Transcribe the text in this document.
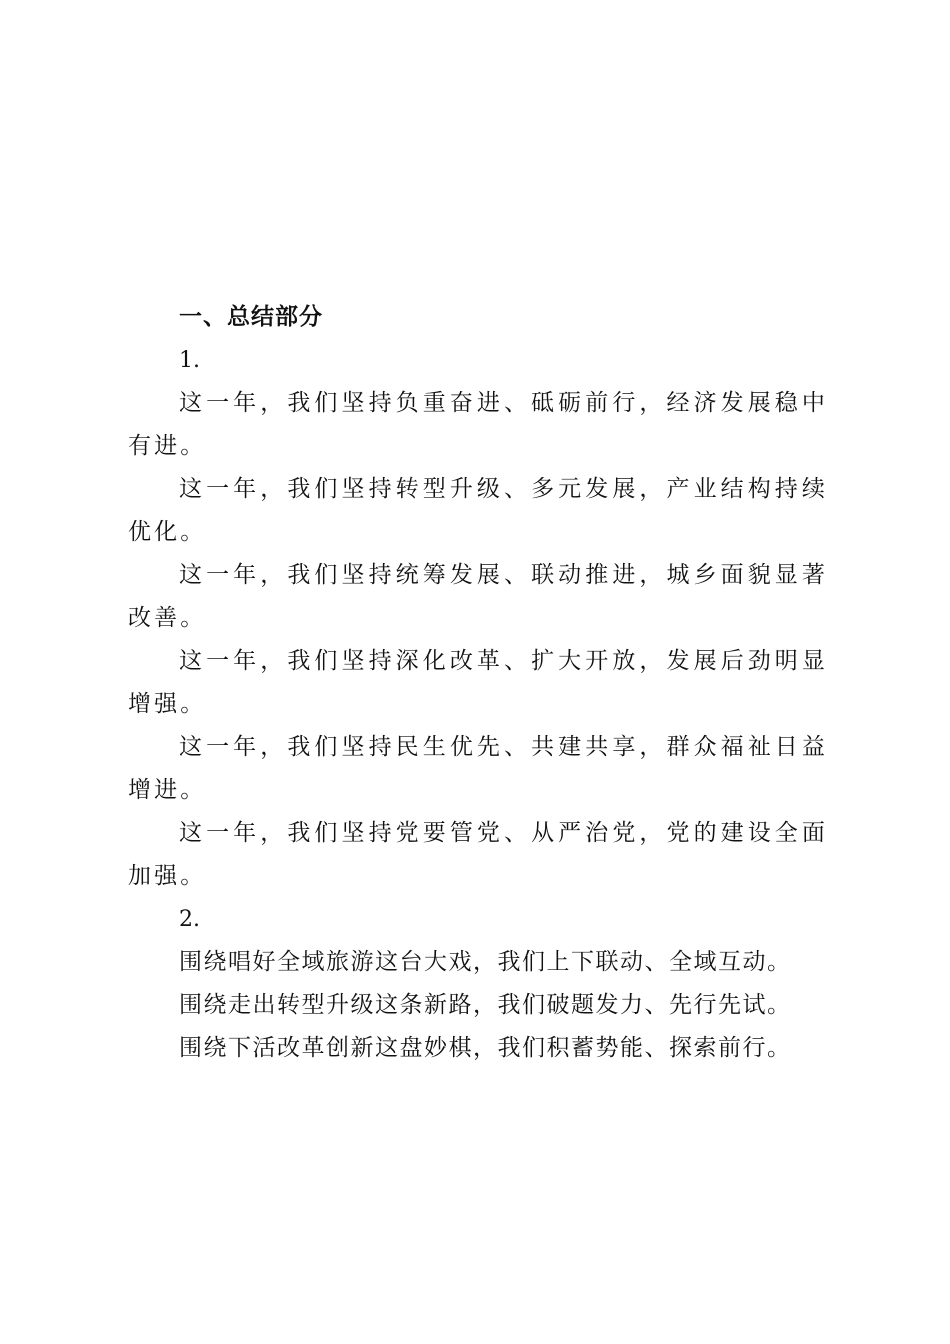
一、总结部分
1.
这一年，我们坚持负重奋进、砥砺前行，经济发展稳中有进。
这一年，我们坚持转型升级、多元发展，产业结构持续优化。
这一年，我们坚持统筹发展、联动推进，城乡面貌显著改善。
这一年，我们坚持深化改革、扩大开放，发展后劲明显增强。
这一年，我们坚持民生优先、共建共享，群众福祉日益增进。
这一年，我们坚持党要管党、从严治党，党的建设全面加强。
2.
围绕唱好全域旅游这台大戏，我们上下联动、全域互动。
围绕走出转型升级这条新路，我们破题发力、先行先试。
围绕下活改革创新这盘妙棋，我们积蓄势能、探索前行。
